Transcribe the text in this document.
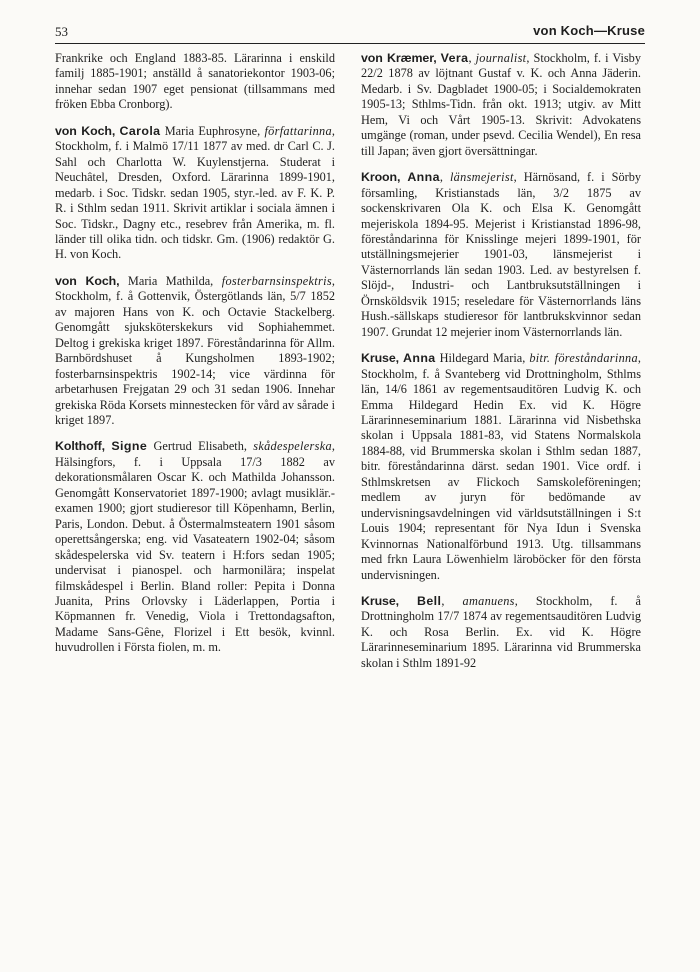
53	von Koch—Kruse

Frankrike och England 1883-85. Lärarinna i enskild familj 1885-1901; anställd å sanatoriekontor 1903-06; innehar sedan 1907 eget pensionat (tillsammans med fröken Ebba Cronborg).

von Koch, Carola Maria Euphrosyne, författarinna, Stockholm, f. i Malmö 17/11 1877 av med. dr Carl C. J. Sahl och Charlotta W. Kuylenstjerna. Studerat i Neuchâtel, Dresden, Oxford. Lärarinna 1899-1901, medarb. i Soc. Tidskr. sedan 1905, styr.-led. av F. K. P. R. i Sthlm sedan 1911. Skrivit artiklar i sociala ämnen i Soc. Tidskr., Dagny etc., resebrev från Amerika, m. fl. länder till olika tidn. och tidskr. Gm. (1906) redaktör G. H. von Koch.

von Koch, Maria Mathilda, fosterbarnsinspektris, Stockholm, f. å Gottenvik, Östergötlands län, 5/7 1852 av majoren Hans von K. och Octavie Stackelberg. Genomgått sjuksköterskekurs vid Sophiahemmet. Deltog i grekiska kriget 1897. Föreståndarinna för Allm. Barnbördshuset å Kungsholmen 1893-1902; fosterbarnsinspektris 1902-14; vice värdinna för arbetarhusen Frejgatan 29 och 31 sedan 1906. Innehar grekiska Röda Korsets minnestecken för vård av sårade i kriget 1897.

Kolthoff, Signe Gertrud Elisabeth, skådespelerska, Hälsingfors, f. i Uppsala 17/3 1882 av dekorationsmålaren Oscar K. och Mathilda Johansson. Genomgått Konservatoriet 1897-1900; avlagt musiklär.-examen 1900; gjort studieresor till Köpenhamn, Berlin, Paris, London. Debut. å Östermalmsteatern 1901 såsom operettsångerska; eng. vid Vasateatern 1902-04; såsom skådespelerska vid Sv. teatern i H:fors sedan 1905; undervisat i pianospel. och harmonilära; inspelat filmskådespel i Berlin. Bland roller: Pepita i Donna Juanita, Prins Orlovsky i Läderlappen, Portia i Köpmannen fr. Venedig, Viola i Trettondagsafton, Madame Sans-Gêne, Florizel i Ett besök, kvinnl. huvudrollen i Första fiolen, m. m.

von Kræmer, Vera, journalist, Stockholm, f. i Visby 22/2 1878 av löjtnant Gustaf v. K. och Anna Jäderin. Medarb. i Sv. Dagbladet 1900-05; i Socialdemokraten 1905-13; Sthlms-Tidn. från okt. 1913; utgiv. av Mitt Hem, Vi och Vårt 1905-13. Skrivit: Advokatens umgänge (roman, under psevd. Cecilia Wendel), En resa till Japan; även gjort översättningar.

Kroon, Anna, länsmejerist, Härnösand, f. i Sörby församling, Kristianstads län, 3/2 1875 av sockenskrivaren Ola K. och Elsa K. Genomgått mejeriskola 1894-95. Mejerist i Kristianstad 1896-98, föreståndarinna för Knisslinge mejeri 1899-1901, för utställningsmejerier 1901-03, länsmejerist i Västernorrlands län sedan 1903. Led. av bestyrelsen f. Slöjd-, Industri- och Lantbruksutställningen i Örnsköldsvik 1915; reseledare för Västernorrlands läns Hush.-sällskaps studieresor för lantbrukskvinnor sedan 1907. Grundat 12 mejerier inom Västernorrlands län.

Kruse, Anna Hildegard Maria, bitr. föreståndarinna, Stockholm, f. å Svanteberg vid Drottningholm, Sthlms län, 14/6 1861 av regementsauditören Ludvig K. och Emma Hildegard Hedin Ex. vid K. Högre Lärarinneseminarium 1881. Lärarinna vid Nisbethska skolan i Uppsala 1881-83, vid Statens Normalskola 1884-88, vid Brummerska skolan i Sthlm sedan 1887, bitr. föreståndarinna därst. sedan 1901. Vice ordf. i Sthlmskretsen av Flickoch Samskoleföreningen; medlem av juryn för bedömande av undervisningsavdelningen vid världsutställningen i S:t Louis 1904; representant för Nya Idun i Svenska Kvinnornas Nationalförbund 1913. Utg. tillsammans med frkn Laura Löwenhielm läroböcker för den första undervisningen.

Kruse, Bell, amanuens, Stockholm, f. å Drottningholm 17/7 1874 av regementsauditören Ludvig K. och Rosa Berlin. Ex. vid K. Högre Lärarinneseminarium 1895. Lärarinna vid Brummerska skolan i Sthlm 1891-92
